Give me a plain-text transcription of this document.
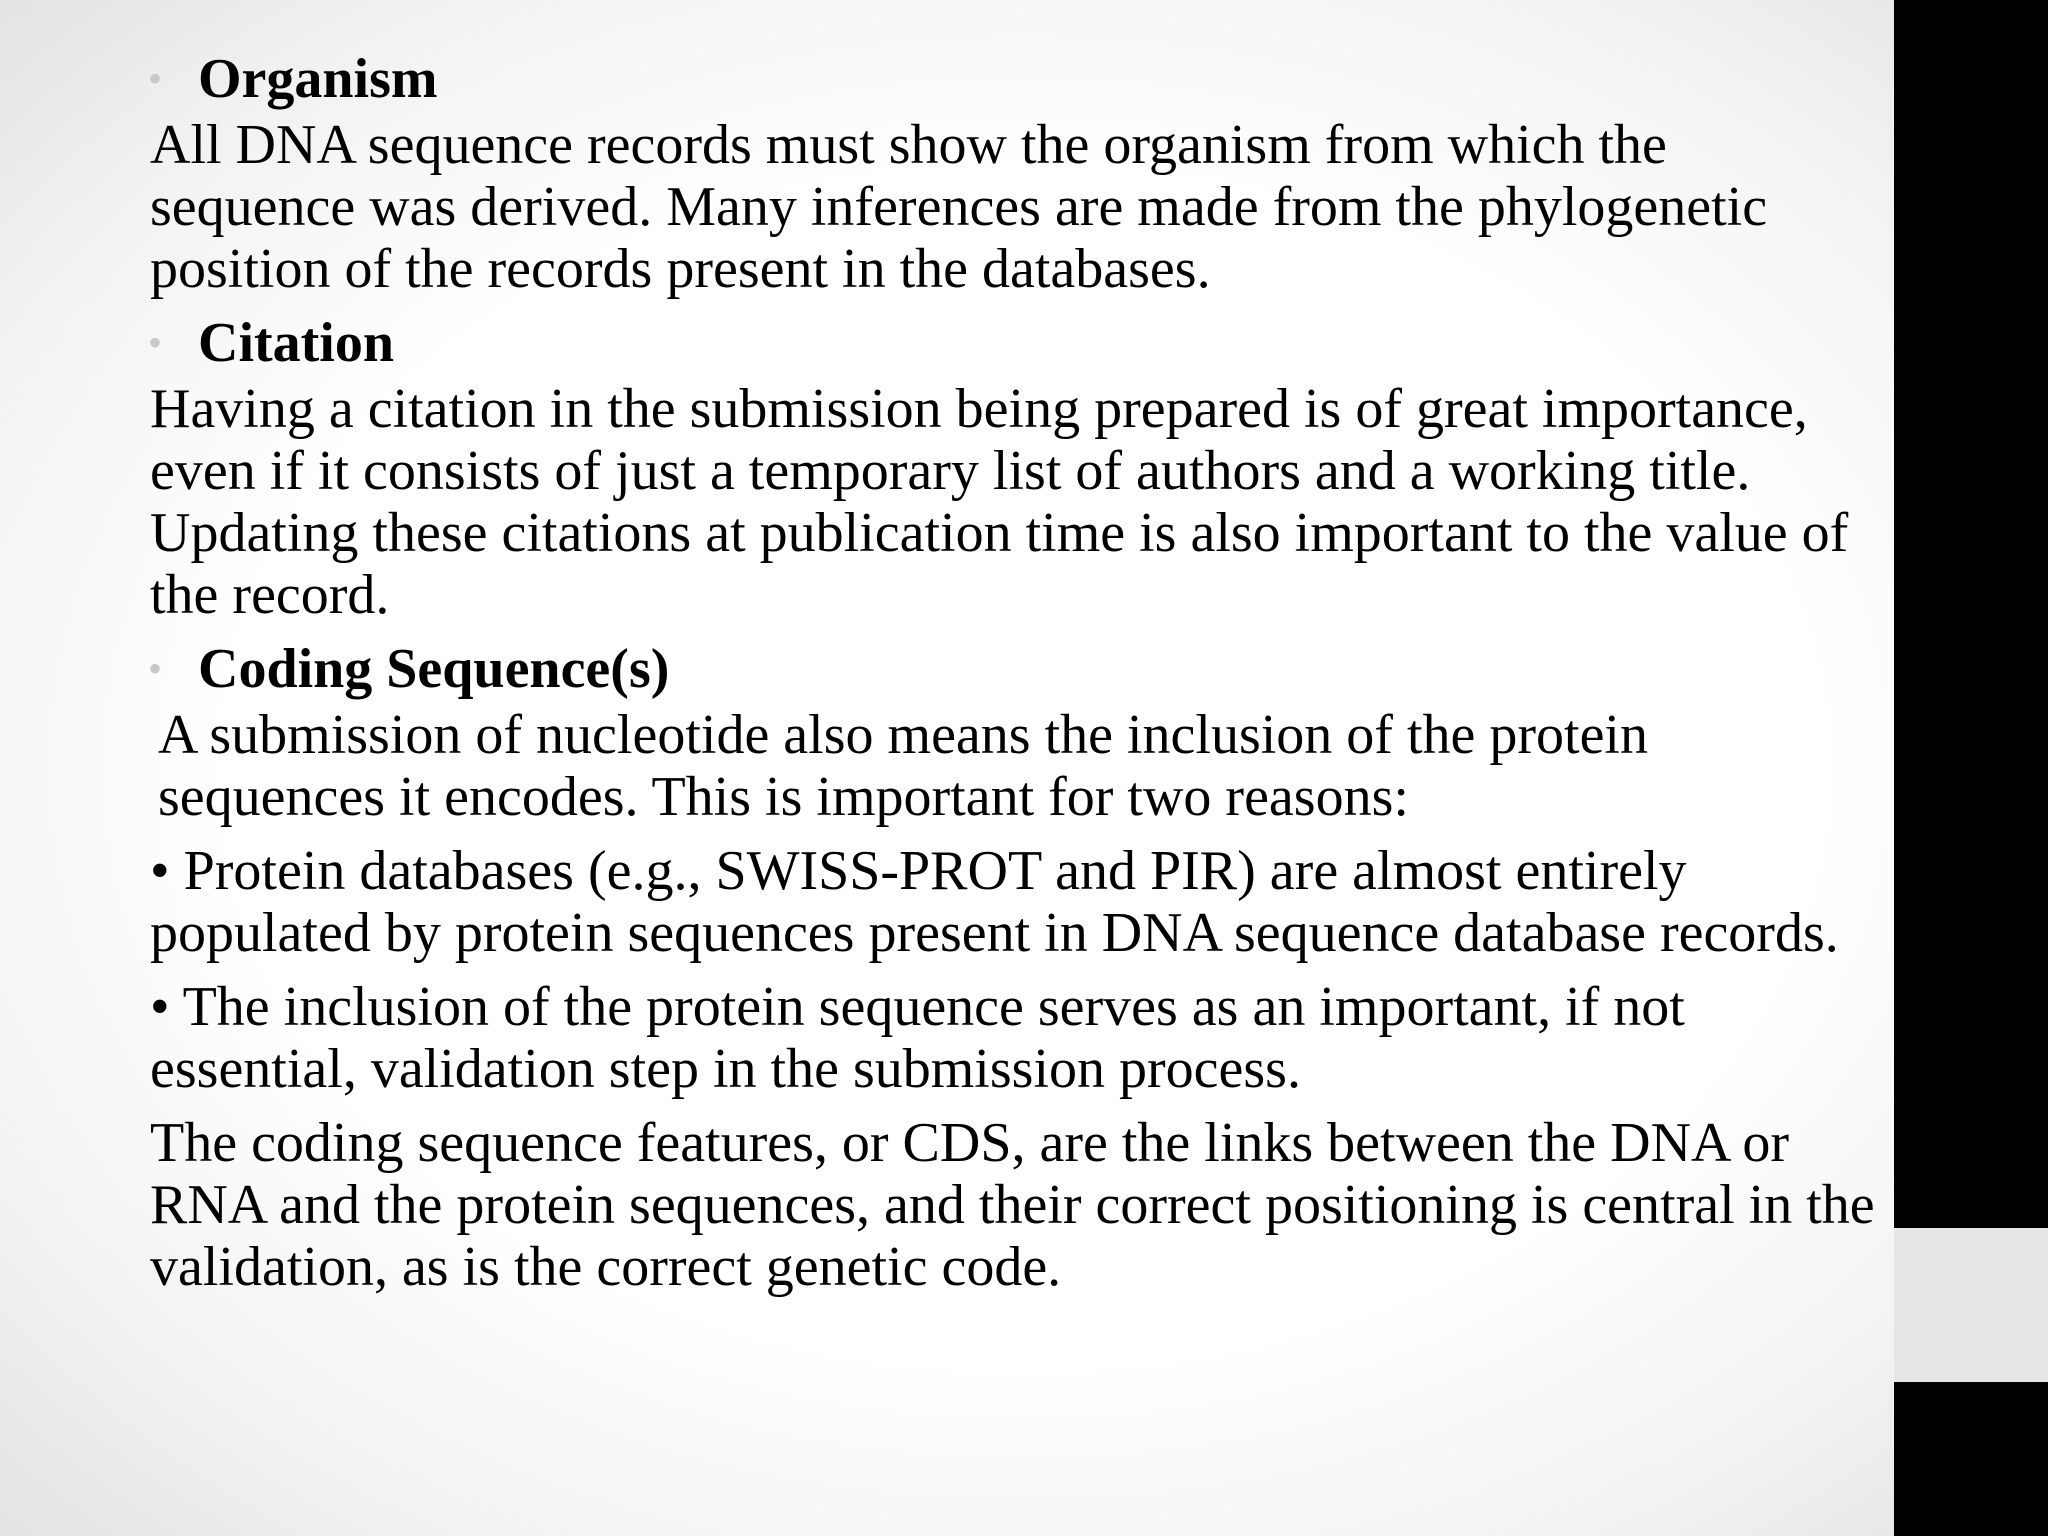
• Organism

All DNA sequence records must show the organism from which the sequence was derived. Many inferences are made from the phylogenetic position of the records present in the databases.

• Citation

Having a citation in the submission being prepared is of great importance, even if it consists of just a temporary list of authors and a working title. Updating these citations at publication time is also important to the value of the record.

• Coding Sequence(s)

A submission of nucleotide also means the inclusion of the protein sequences it encodes. This is important for two reasons:

• Protein databases (e.g., SWISS-PROT and PIR) are almost entirely populated by protein sequences present in DNA sequence database records.

• The inclusion of the protein sequence serves as an important, if not essential, validation step in the submission process.

The coding sequence features, or CDS, are the links between the DNA or RNA and the protein sequences, and their correct positioning is central in the validation, as is the correct genetic code.
